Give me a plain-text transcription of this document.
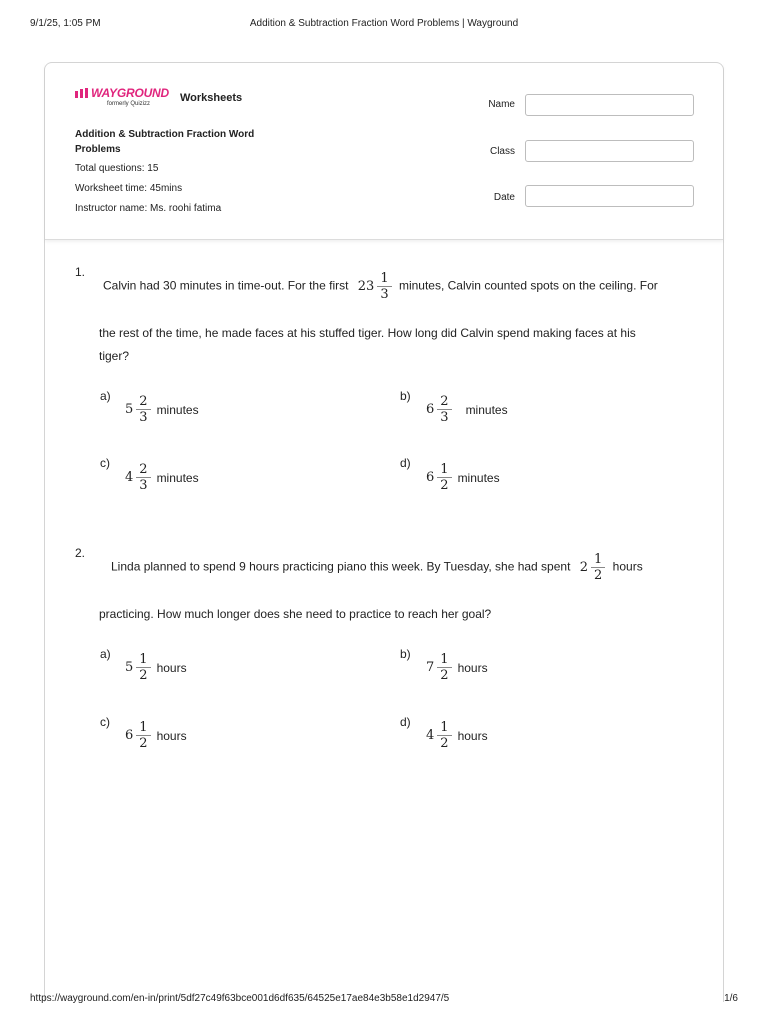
9/1/25, 1:05 PM	Addition & Subtraction Fraction Word Problems | Wayground
WAYGROUND
formerly Quizizz	Worksheets
Addition & Subtraction Fraction Word Problems
Total questions: 15
Worksheet time: 45mins
Instructor name: Ms. roohi fatima
Name
Class
Date
1.
Calvin had 30 minutes in time-out. For the first $23 \frac{1}{3}$ minutes, Calvin counted spots on the ceiling. For
the rest of the time, he made faces at his stuffed tiger. How long did Calvin spend making faces at his
tiger?
a)
$5 \frac{2}{3}$ minutes
b)
$6 \frac{2}{3}$ minutes
c)
$4 \frac{2}{3}$ minutes
d)
$6 \frac{1}{2}$ minutes
2.
Linda planned to spend 9 hours practicing piano this week. By Tuesday, she had spent $2 \frac{1}{2}$ hours
practicing. How much longer does she need to practice to reach her goal?
a)
$5 \frac{1}{2}$ hours
b)
$7 \frac{1}{2}$ hours
c)
$6 \frac{1}{2}$ hours
d)
$4 \frac{1}{2}$ hours
https://wayground.com/en-in/print/5df27c49f63bce001d6df635/64525e17ae84e3b58e1d2947/5	1/6
